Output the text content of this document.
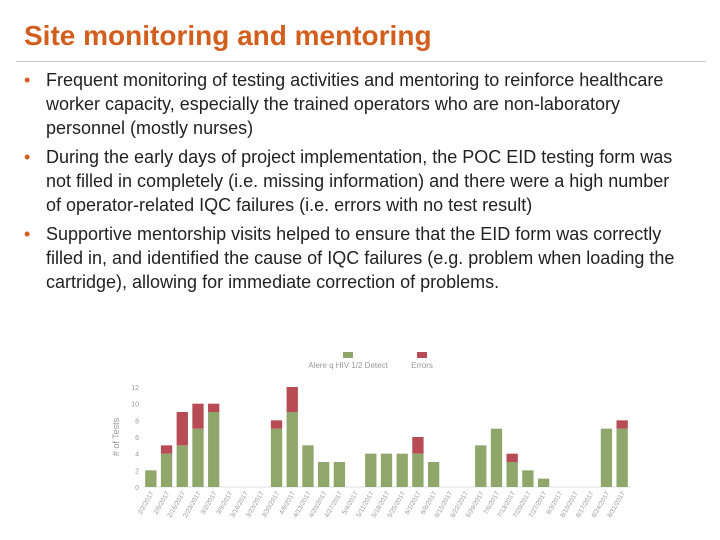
Site monitoring and mentoring
• Frequent monitoring of testing activities and mentoring to reinforce healthcare worker capacity, especially the trained operators who are non-laboratory personnel (mostly nurses)
• During the early days of project implementation, the POC EID testing form was not filled in completely (i.e. missing information) and there were a high number of operator-related IQC failures (i.e. errors with no test result)
• Supportive mentorship visits helped to ensure that the EID form was correctly filled in, and identified the cause of IQC failures (e.g. problem when loading the cartridge), allowing for immediate correction of problems.
Alere q HIV 1/2 Detect	Errors
# of Tests
0
2
4
6
8
10
12
2/2/2017
2/9/2017
2/16/2017
2/23/2017
3/2/2017
3/9/2017
3/16/2017
3/23/2017
3/30/2017
4/6/2017
4/13/2017
4/20/2017
4/27/2017
5/4/2017
5/11/2017
5/18/2017
5/25/2017
6/1/2017
6/8/2017
6/15/2017
6/22/2017
6/29/2017
7/6/2017
7/13/2017
7/20/2017
7/27/2017
8/3/2017
8/10/2017
8/17/2017
8/24/2017
8/31/2017
